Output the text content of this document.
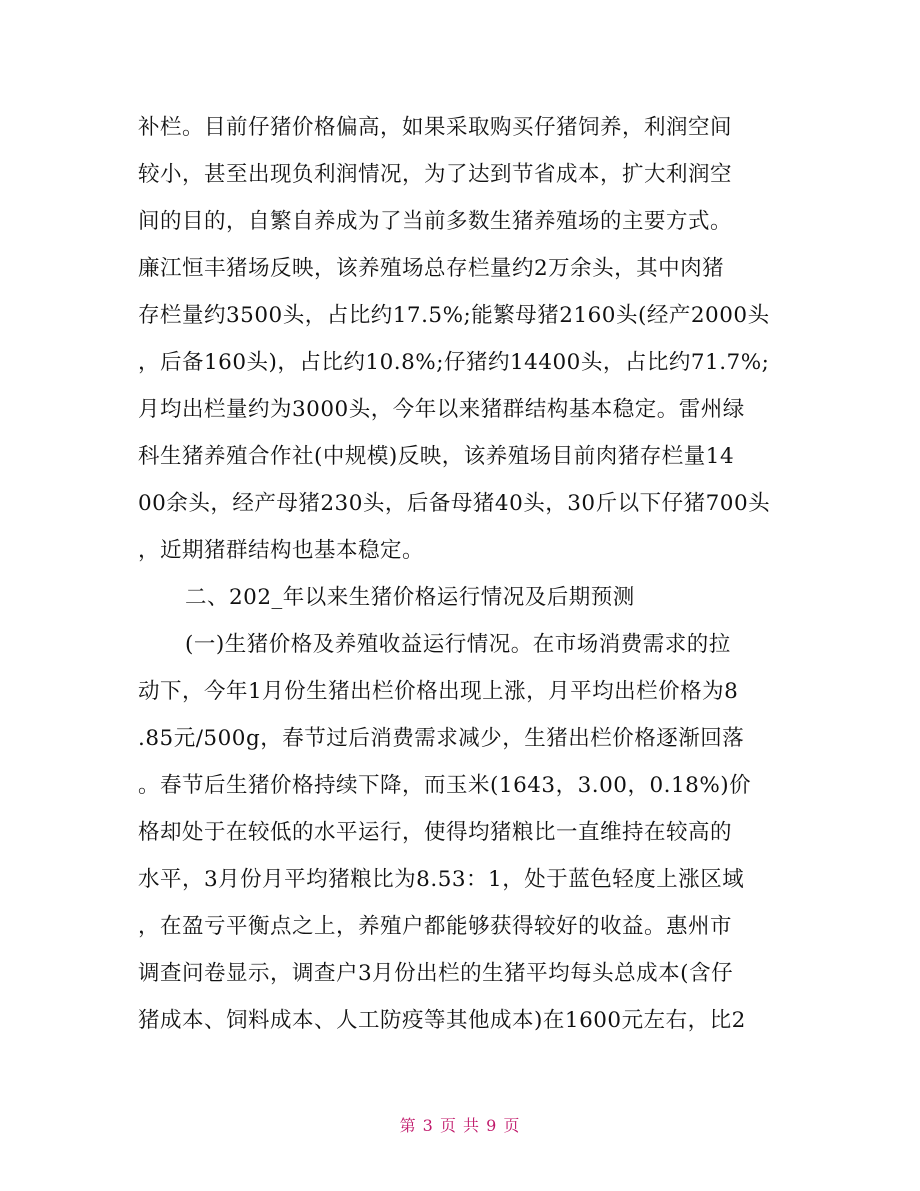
补栏。目前仔猪价格偏高，如果采取购买仔猪饲养，利润空间
较小，甚至出现负利润情况，为了达到节省成本，扩大利润空
间的目的，自繁自养成为了当前多数生猪养殖场的主要方式。
廉江恒丰猪场反映，该养殖场总存栏量约2万余头，其中肉猪
存栏量约3500头，占比约17.5%;能繁母猪2160头(经产2000头
，后备160头)，占比约10.8%;仔猪约14400头，占比约71.7%;
月均出栏量约为3000头，今年以来猪群结构基本稳定。雷州绿
科生猪养殖合作社(中规模)反映，该养殖场目前肉猪存栏量14
00余头，经产母猪230头，后备母猪40头，30斤以下仔猪700头
，近期猪群结构也基本稳定。
二、202_年以来生猪价格运行情况及后期预测
(一)生猪价格及养殖收益运行情况。在市场消费需求的拉
动下，今年1月份生猪出栏价格出现上涨，月平均出栏价格为8
.85元/500g，春节过后消费需求减少，生猪出栏价格逐渐回落
。春节后生猪价格持续下降，而玉米(1643，3.00，0.18%)价
格却处于在较低的水平运行，使得均猪粮比一直维持在较高的
水平，3月份月平均猪粮比为8.53：1，处于蓝色轻度上涨区域
，在盈亏平衡点之上，养殖户都能够获得较好的收益。惠州市
调查问卷显示，调查户3月份出栏的生猪平均每头总成本(含仔
猪成本、饲料成本、人工防疫等其他成本)在1600元左右，比2
第 3 页 共 9 页
